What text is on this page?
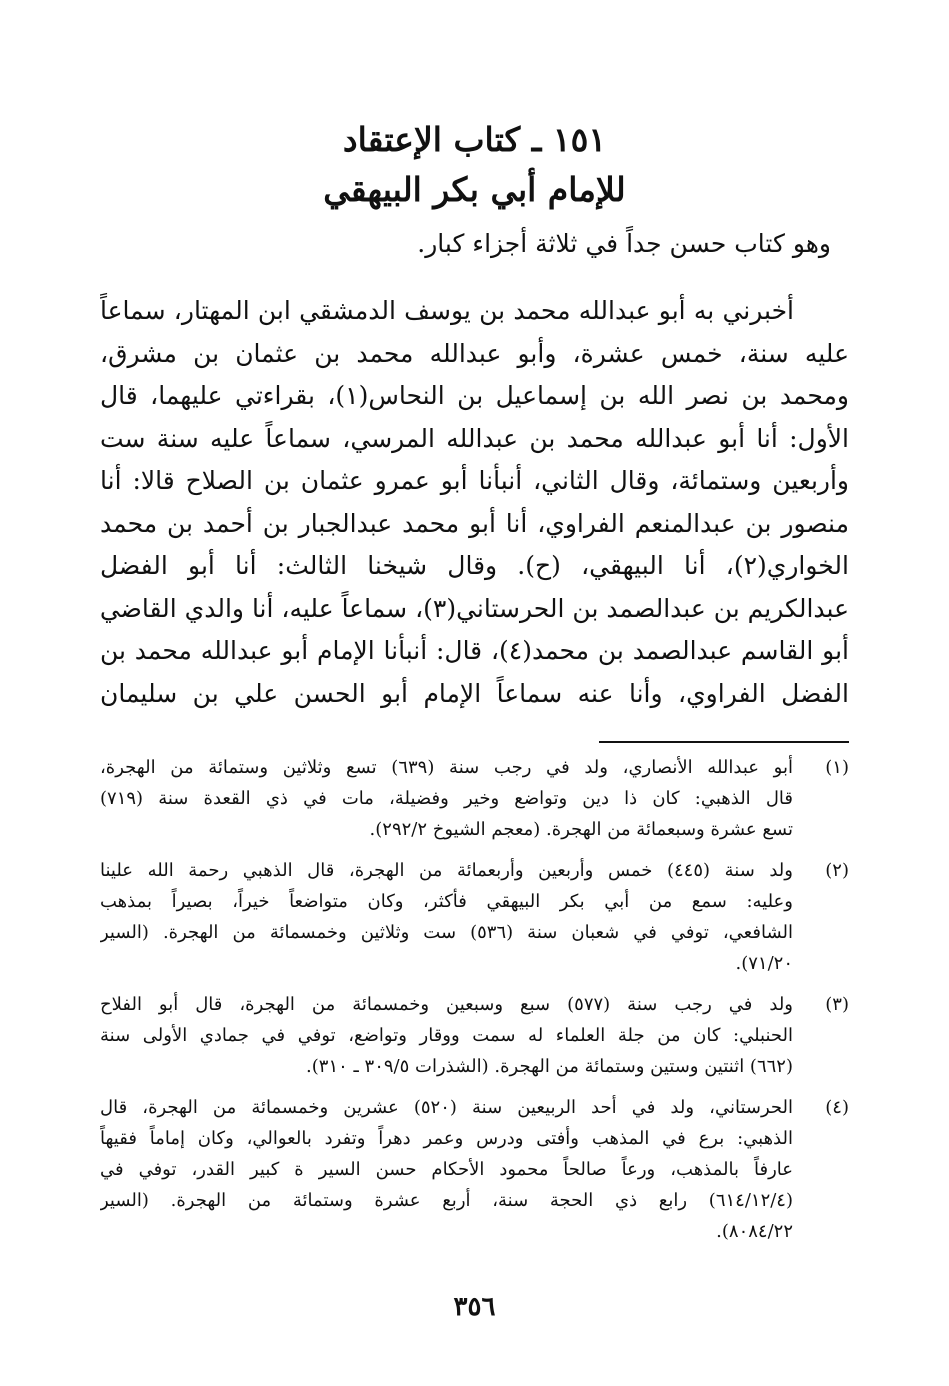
١٥١ ـ كتاب الإعتقاد
للإمام أبي بكر البيهقي

وهو كتاب حسن جداً في ثلاثة أجزاء كبار.

أخبرني به أبو عبدالله محمد بن يوسف الدمشقي ابن المهتار، سماعاً
عليه سنة، خمس عشرة، وأبو عبدالله محمد بن عثمان بن مشرق،
ومحمد بن نصر الله بن إسماعيل بن النحاس(١)، بقراءتي عليهما، قال
الأول: أنا أبو عبدالله محمد بن عبدالله المرسي، سماعاً عليه سنة ست
وأربعين وستمائة، وقال الثاني، أنبأنا أبو عمرو عثمان بن الصلاح قالا: أنا
منصور بن عبدالمنعم الفراوي، أنا أبو محمد عبدالجبار بن أحمد بن محمد
الخواري(٢)، أنا البيهقي، (ح). وقال شيخنا الثالث: أنا أبو الفضل
عبدالكريم بن عبدالصمد بن الحرستاني(٣)، سماعاً عليه، أنا والدي القاضي
أبو القاسم عبدالصمد بن محمد(٤)، قال: أنبأنا الإمام أبو عبدالله محمد بن
الفضل الفراوي، وأنا عنه سماعاً الإمام أبو الحسن علي بن سليمان
(١)
أبو عبدالله الأنصاري، ولد في رجب سنة (٦٣٩) تسع وثلاثين وستمائة من الهجرة،
قال الذهبي: كان ذا دين وتواضع وخير وفضيلة، مات في ذي القعدة سنة (٧١٩)
تسع عشرة وسبعمائة من الهجرة. (معجم الشيوخ ٢٩٢/٢).
(٢)
ولد سنة (٤٤٥) خمس وأربعين وأربعمائة من الهجرة، قال الذهبي رحمة الله علينا
وعليه: سمع من أبي بكر البيهقي فأكثر، وكان متواضعاً خيراً، بصيراً بمذهب
الشافعي، توفي في شعبان سنة (٥٣٦) ست وثلاثين وخمسمائة من الهجرة. (السير
٧١/٢٠).
(٣)
ولد في رجب سنة (٥٧٧) سبع وسبعين وخمسمائة من الهجرة، قال أبو الفلاح
الحنبلي: كان من جلة العلماء له سمت ووقار وتواضع، توفي في جمادي الأولى سنة
(٦٦٢) اثنتين وستين وستمائة من الهجرة. (الشذرات ٣٠٩/٥ ـ ٣١٠).
(٤)
الحرستاني، ولد في أحد الربيعين سنة (٥٢٠) عشرين وخمسمائة من الهجرة، قال
الذهبي: برع في المذهب وأفتى ودرس وعمر دهراً وتفرد بالعوالي، وكان إماماً فقيهاً
عارفاً بالمذهب، ورعاً صالحاً محمود الأحكام حسن السير ة كبير القدر، توفي في
(٦١٤/١٢/٤) رابع ذي الحجة سنة، أربع عشرة وستمائة من الهجرة. (السير
٨٠٨٤/٢٢).

٣٥٦
